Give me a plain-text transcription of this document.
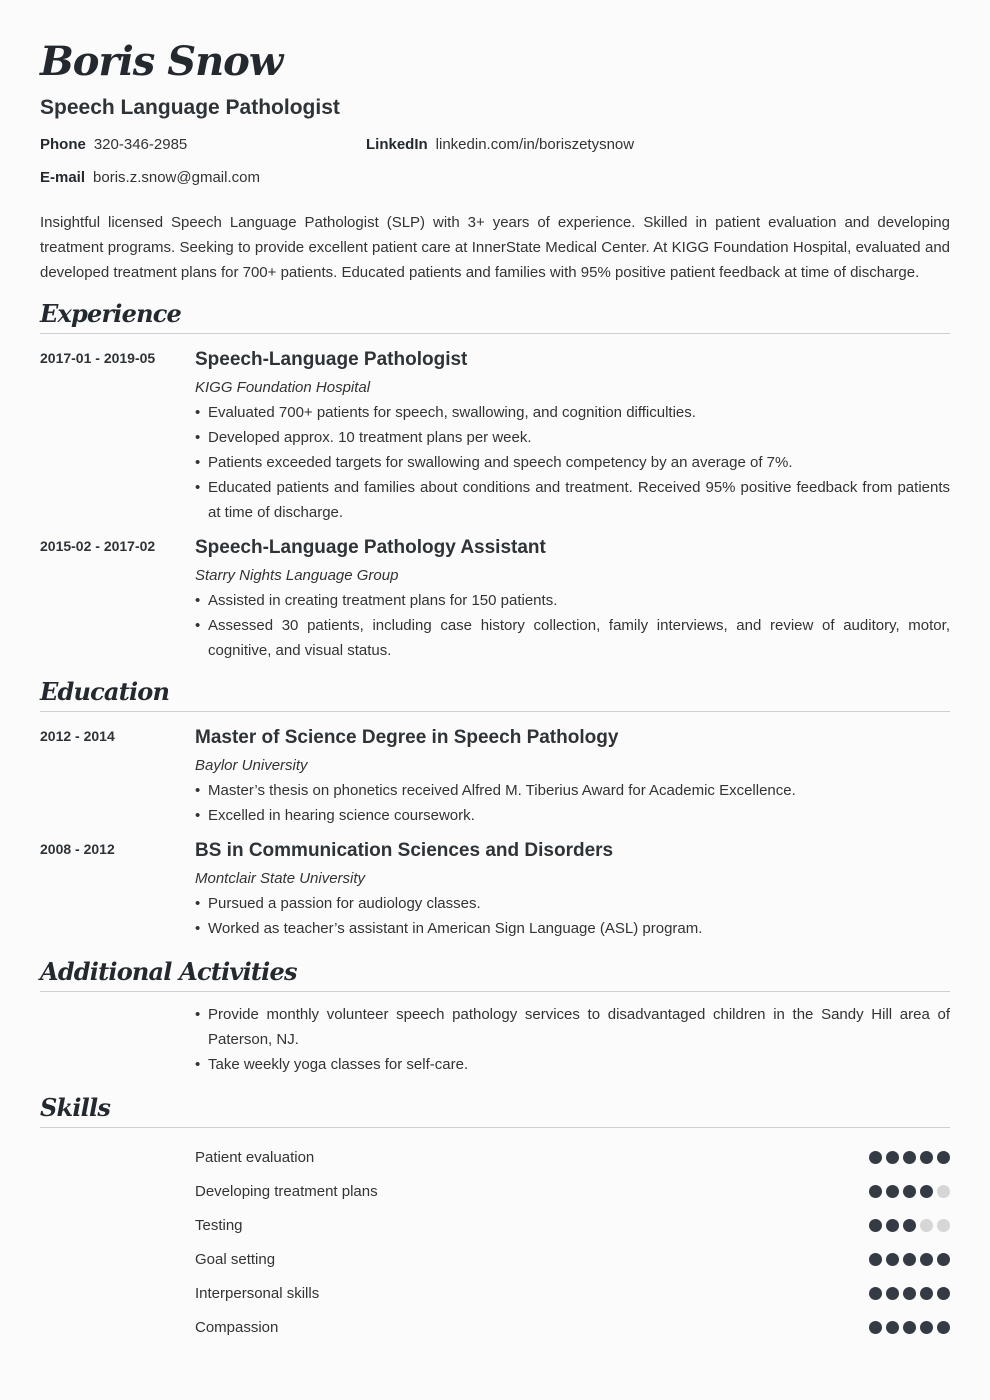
Boris Snow
Speech Language Pathologist
Phone 320-346-2985	LinkedIn linkedin.com/in/boriszetysnow
E-mail boris.z.snow@gmail.com
Insightful licensed Speech Language Pathologist (SLP) with 3+ years of experience. Skilled in patient evaluation and developing treatment programs. Seeking to provide excellent patient care at InnerState Medical Center. At KIGG Foundation Hospital, evaluated and developed treatment plans for 700+ patients. Educated patients and families with 95% positive patient feedback at time of discharge.
Experience
2017-01 - 2019-05 Speech-Language Pathologist
KIGG Foundation Hospital
• Evaluated 700+ patients for speech, swallowing, and cognition difficulties.
• Developed approx. 10 treatment plans per week.
• Patients exceeded targets for swallowing and speech competency by an average of 7%.
• Educated patients and families about conditions and treatment. Received 95% positive feedback from patients at time of discharge.
2015-02 - 2017-02 Speech-Language Pathology Assistant
Starry Nights Language Group
• Assisted in creating treatment plans for 150 patients.
• Assessed 30 patients, including case history collection, family interviews, and review of auditory, motor, cognitive, and visual status.
Education
2012 - 2014	Master of Science Degree in Speech Pathology
Baylor University
• Master’s thesis on phonetics received Alfred M. Tiberius Award for Academic Excellence.
• Excelled in hearing science coursework.
2008 - 2012	BS in Communication Sciences and Disorders
Montclair State University
• Pursued a passion for audiology classes.
• Worked as teacher’s assistant in American Sign Language (ASL) program.
Additional Activities
• Provide monthly volunteer speech pathology services to disadvantaged children in the Sandy Hill area of Paterson, NJ.
• Take weekly yoga classes for self-care.
Skills
Patient evaluation
Developing treatment plans
Testing
Goal setting
Interpersonal skills
Compassion
